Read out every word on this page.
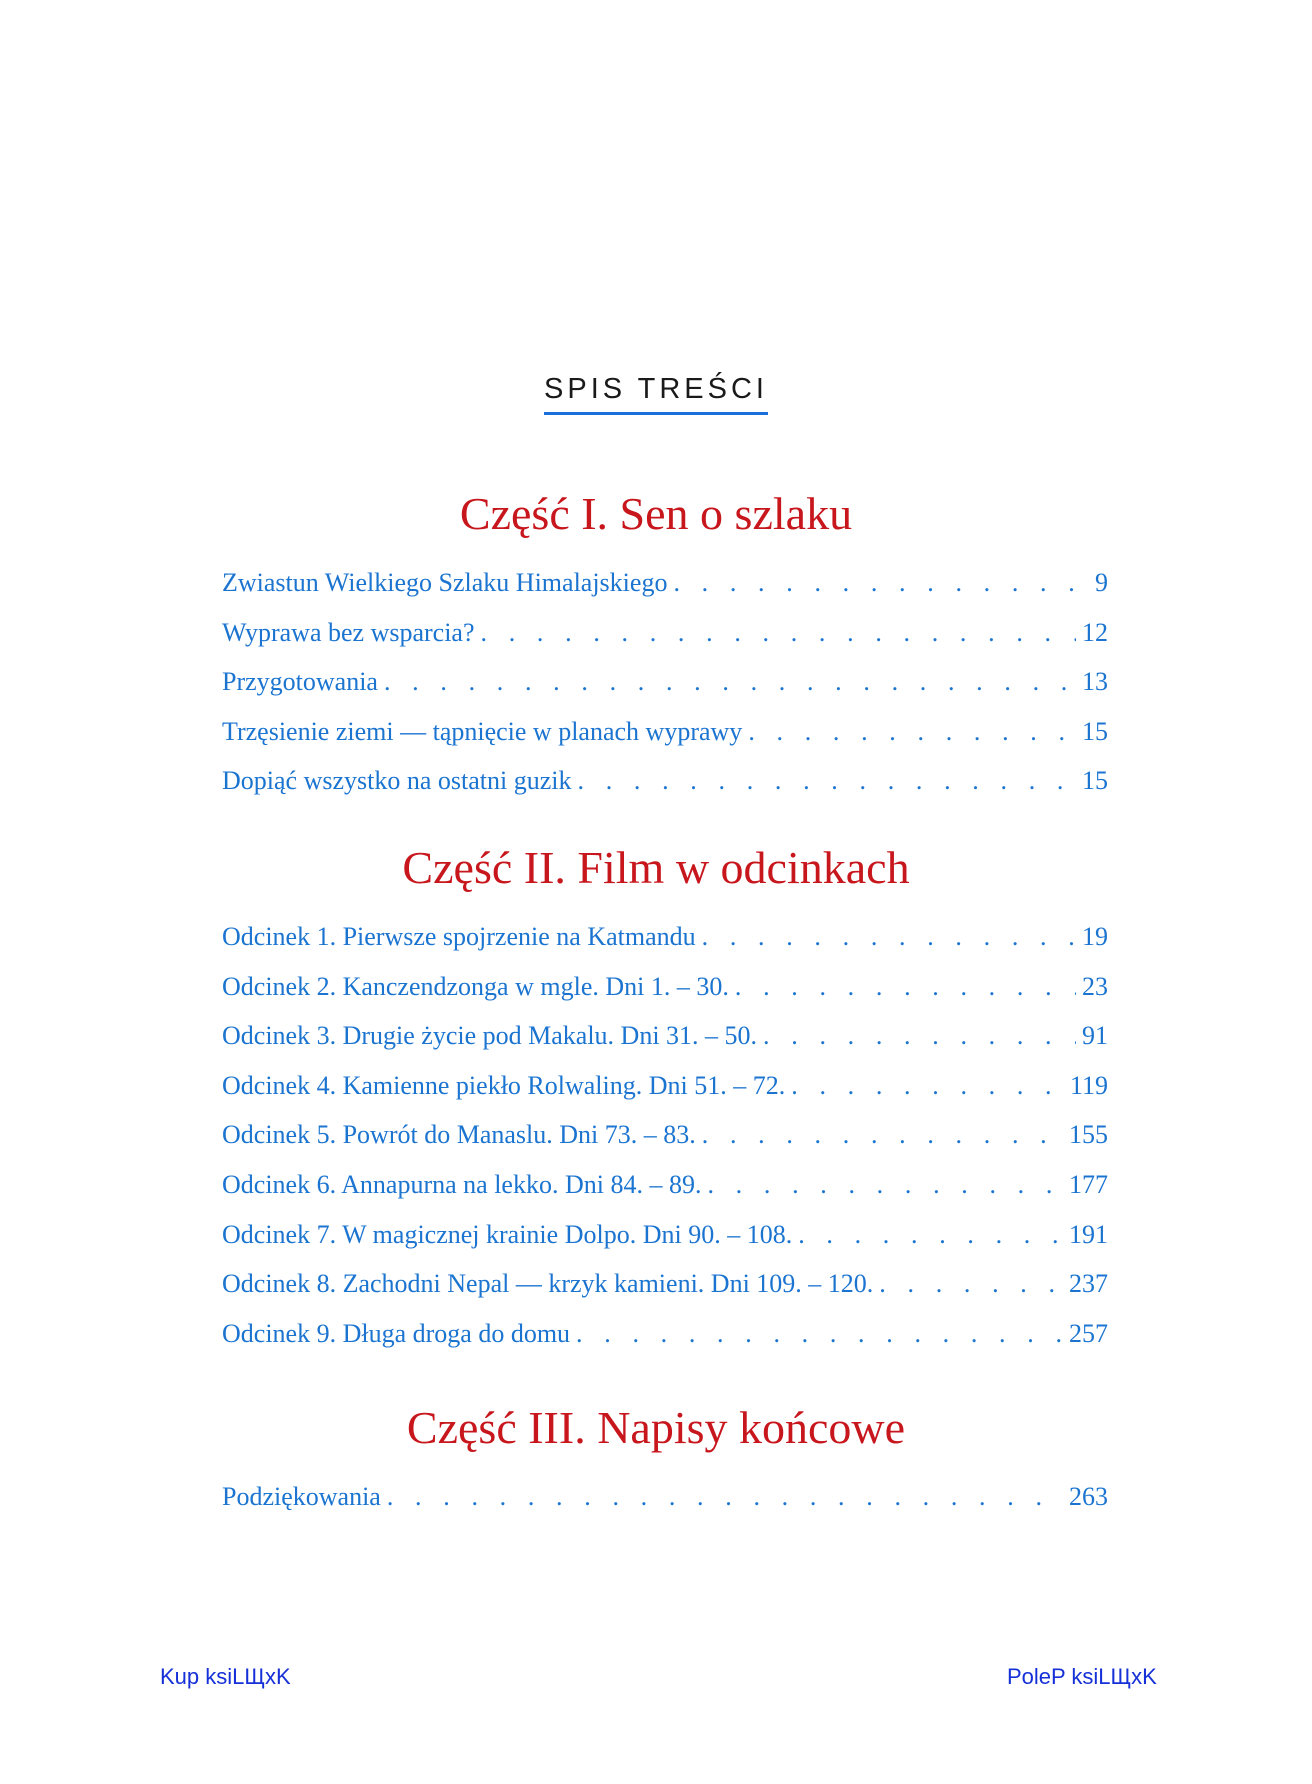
SPIS TREŚCI
Część I. Sen o szlaku
Zwiastun Wielkiego Szlaku Himalajskiego . . .	9
Wyprawa bez wsparcia? . . .	12
Przygotowania . . .	13
Trzęsienie ziemi — tąpnięcie w planach wyprawy . . .	15
Dopiąć wszystko na ostatni guzik . . .	15
Część II. Film w odcinkach
Odcinek 1. Pierwsze spojrzenie na Katmandu . . .	19
Odcinek 2. Kanczendzonga w mgle. Dni 1. – 30. . . .	23
Odcinek 3. Drugie życie pod Makalu. Dni 31. – 50. . . .	91
Odcinek 4. Kamienne piekło Rolwaling. Dni 51. – 72. . . .	119
Odcinek 5. Powrót do Manaslu. Dni 73. – 83. . . .	155
Odcinek 6. Annapurna na lekko. Dni 84. – 89. . . .	177
Odcinek 7. W magicznej krainie Dolpo. Dni 90. – 108. . . .	191
Odcinek 8. Zachodni Nepal — krzyk kamieni. Dni 109. – 120. . . .	237
Odcinek 9. Długa droga do domu . . .	257
Część III. Napisy końcowe
Podziękowania . . .	263
Kup ksiLЩxK	PoleP ksiLЩxK
